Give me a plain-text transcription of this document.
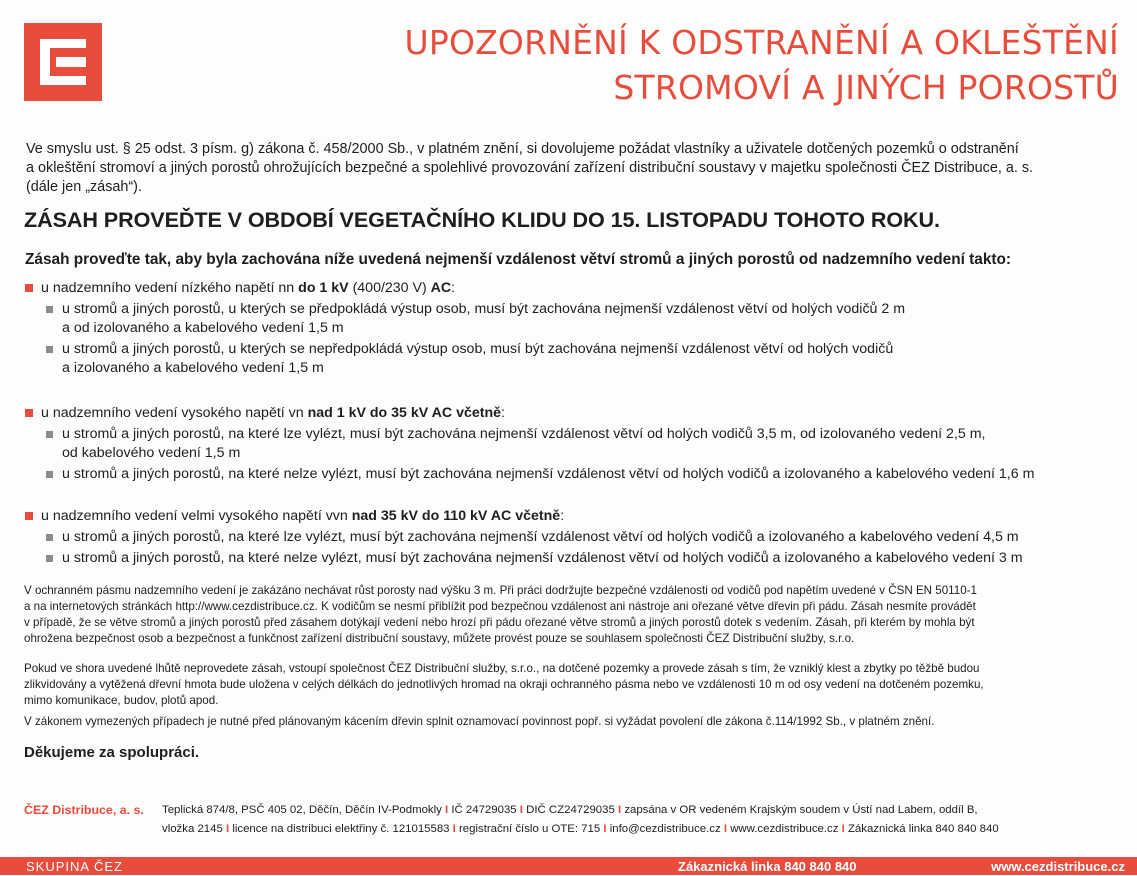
UPOZORNĚNÍ K ODSTRANĚNÍ A OKLEŠTĚNÍ
STROMOVÍ A JINÝCH POROSTŮ
Ve smyslu ust. § 25 odst. 3 písm. g) zákona č. 458/2000 Sb., v platném znění, si dovolujeme požádat vlastníky a uživatele dotčených pozemků o odstranění
a okleštění stromoví a jiných porostů ohrožujících bezpečné a spolehlivé provozování zařízení distribuční soustavy v majetku společnosti ČEZ Distribuce, a. s.
(dále jen „zásah“).
ZÁSAH PROVEĎTE V OBDOBÍ VEGETAČNÍHO KLIDU DO 15. LISTOPADU TOHOTO ROKU.
Zásah proveďte tak, aby byla zachována níže uvedená nejmenší vzdálenost větví stromů a jiných porostů od nadzemního vedení takto:
u nadzemního vedení nízkého napětí nn do 1 kV (400/230 V) AC:
u stromů a jiných porostů, u kterých se předpokládá výstup osob, musí být zachována nejmenší vzdálenost větví od holých vodičů 2 m
a od izolovaného a kabelového vedení 1,5 m
u stromů a jiných porostů, u kterých se nepředpokládá výstup osob, musí být zachována nejmenší vzdálenost větví od holých vodičů
a izolovaného a kabelového vedení 1,5 m
u nadzemního vedení vysokého napětí vn nad 1 kV do 35 kV AC včetně:
u stromů a jiných porostů, na které lze vylézt, musí být zachována nejmenší vzdálenost větví od holých vodičů 3,5 m, od izolovaného vedení 2,5 m,
od kabelového vedení 1,5 m
u stromů a jiných porostů, na které nelze vylézt, musí být zachována nejmenší vzdálenost větví od holých vodičů a izolovaného a kabelového vedení 1,6 m
u nadzemního vedení velmi vysokého napětí vvn nad 35 kV do 110 kV AC včetně:
u stromů a jiných porostů, na které lze vylézt, musí být zachována nejmenší vzdálenost větví od holých vodičů a izolovaného a kabelového vedení 4,5 m
u stromů a jiných porostů, na které nelze vylézt, musí být zachována nejmenší vzdálenost větví od holých vodičů a izolovaného a kabelového vedení 3 m
V ochranném pásmu nadzemního vedení je zakázáno nechávat růst porosty nad výšku 3 m. Při práci dodržujte bezpečné vzdálenosti od vodičů pod napětím uvedené v ČSN EN 50110-1
a na internetových stránkách http://www.cezdistribuce.cz. K vodičům se nesmí přiblížit pod bezpečnou vzdálenost ani nástroje ani ořezané větve dřevin při pádu. Zásah nesmíte provádět
v případě, že se větve stromů a jiných porostů před zásahem dotýkají vedení nebo hrozí při pádu ořezané větve stromů a jiných porostů dotek s vedením. Zásah, při kterém by mohla být
ohrožena bezpečnost osob a bezpečnost a funkčnost zařízení distribuční soustavy, můžete provést pouze se souhlasem společnosti ČEZ Distribuční služby, s.r.o.
Pokud ve shora uvedené lhůtě neprovedete zásah, vstoupí společnost ČEZ Distribuční služby, s.r.o., na dotčené pozemky a provede zásah s tím, že vzniklý klest a zbytky po těžbě budou
zlikvidovány a vytěžená dřevní hmota bude uložena v celých délkách do jednotlivých hromad na okraji ochranného pásma nebo ve vzdálenosti 10 m od osy vedení na dotčeném pozemku,
mimo komunikace, budov, plotů apod.
V zákonem vymezených případech je nutné před plánovaným kácením dřevin splnit oznamovací povinnost popř. si vyžádat povolení dle zákona č.114/1992 Sb., v platném znění.
Děkujeme za spolupráci.
ČEZ Distribuce, a. s. Teplická 874/8, PSČ 405 02, Děčín, Děčín IV-Podmokly I IČ 24729035 I DIČ CZ24729035 I zapsána v OR vedeném Krajským soudem v Ústí nad Labem, oddíl B,
vložka 2145 I licence na distribuci elektřiny č. 121015583 I registrační číslo u OTE: 715 I info@cezdistribuce.cz I www.cezdistribuce.cz I Zákaznická linka 840 840 840
SKUPINA ČEZ	Zákaznická linka 840 840 840	www.cezdistribuce.cz
